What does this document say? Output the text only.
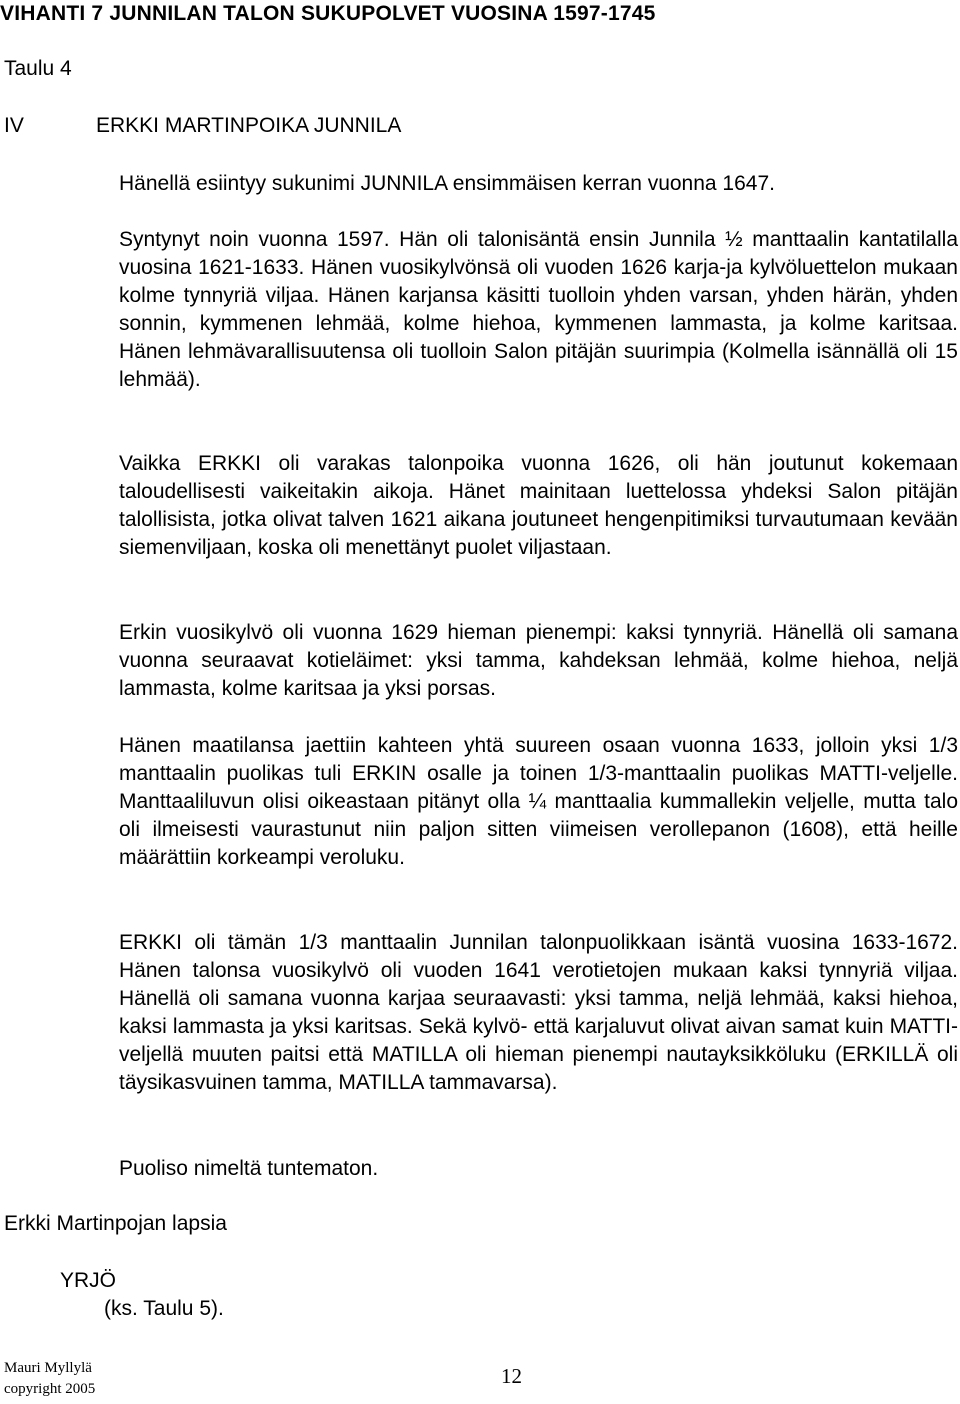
VIHANTI 7 JUNNILAN TALON SUKUPOLVET VUOSINA 1597-1745
Taulu 4
IV	ERKKI MARTINPOIKA JUNNILA

Hänellä esiintyy sukunimi JUNNILA ensimmäisen kerran vuonna 1647.

Syntynyt noin vuonna 1597. Hän oli talonisäntä ensin Junnila ½ manttaalin kantatilalla vuosina 1621-1633. Hänen vuosikylvönsä oli vuoden 1626 karja-ja kylvöluettelon mukaan kolme tynnyriä viljaa. Hänen karjansa käsitti tuolloin yhden varsan, yhden härän, yhden sonnin, kymmenen lehmää, kolme hiehoa, kymmenen lammasta, ja kolme karitsaa. Hänen lehmävarallisuutensa oli tuolloin Salon pitäjän suurimpia (Kolmella isännällä oli 15 lehmää).

Vaikka ERKKI oli varakas talonpoika vuonna 1626, oli hän joutunut kokemaan taloudellisesti vaikeitakin aikoja. Hänet mainitaan luettelossa yhdeksi Salon pitäjän talollisista, jotka olivat talven 1621 aikana joutuneet hengenpitimiksi turvautumaan kevään siemenviljaan, koska oli menettänyt puolet viljastaan.

Erkin vuosikylvö oli vuonna 1629 hieman pienempi: kaksi tynnyriä. Hänellä oli samana vuonna seuraavat kotieläimet: yksi tamma, kahdeksan lehmää, kolme hiehoa, neljä lammasta, kolme karitsaa ja yksi porsas.

Hänen maatilansa jaettiin kahteen yhtä suureen osaan vuonna 1633, jolloin yksi 1/3 manttaalin puolikas tuli ERKIN osalle ja toinen 1/3-manttaalin puolikas MATTI-veljelle. Manttaaliluvun olisi oikeastaan pitänyt olla ¼ manttaalia kummallekin veljelle, mutta talo oli ilmeisesti vaurastunut niin paljon sitten viimeisen verollepanon (1608), että heille määrättiin korkeampi veroluku.

ERKKI oli tämän 1/3 manttaalin Junnilan talonpuolikkaan isäntä vuosina 1633-1672. Hänen talonsa vuosikylvö oli vuoden 1641 verotietojen mukaan kaksi tynnyriä viljaa. Hänellä oli samana vuonna karjaa seuraavasti: yksi tamma, neljä lehmää, kaksi hiehoa, kaksi lammasta ja yksi karitsas. Sekä kylvö- että karjaluvut olivat aivan samat kuin MATTI-veljellä muuten paitsi että MATILLA oli hieman pienempi nautayksikköluku (ERKILLÄ oli täysikasvuinen tamma, MATILLA tammavarsa).

Puoliso nimeltä tuntematon.

Erkki Martinpojan lapsia
YRJÖ
(ks. Taulu 5).
Mauri Myllylä
copyright 2005
12
